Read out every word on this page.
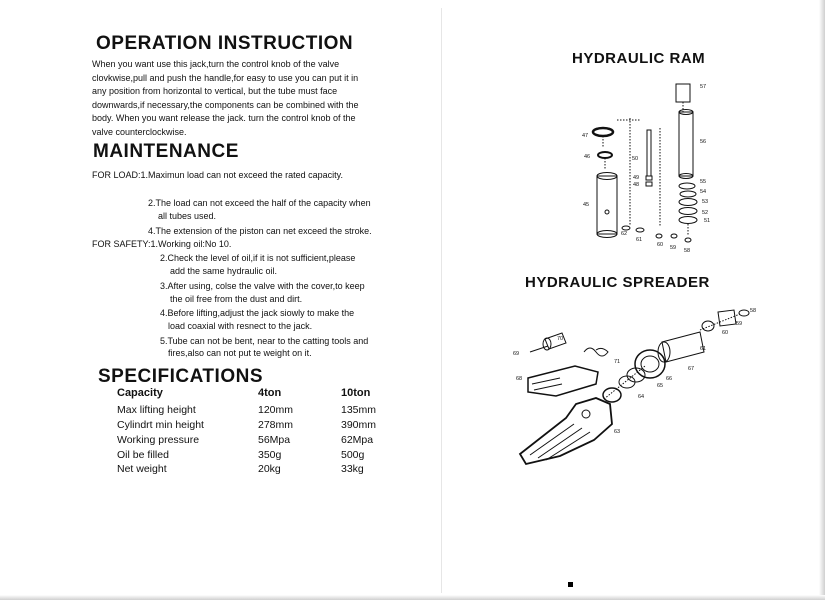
OPERATION INSTRUCTION
When you want use this jack,turn the control knob of the valve
clovkwise,pull and push the handle,for easy to use you can put it in
any position from horizontal to vertical, but the tube must face
downwards,if necessary,the components can be combined with the
body. When you want release the jack. turn the control knob of the
valve counterclockwise.
MAINTENANCE
FOR LOAD:1.Maximun load can not exceed the rated capacity.
2.The load can not exceed the half of the capacity when
all tubes used.
4.The extension of the piston can net exceed the stroke.
FOR SAFETY:1.Working oil:No 10.
2.Check the level of oil,if it is not sufficient,please
add the same hydraulic oil.
3.After using, colse the valve with the cover,to keep
the oil free from the dust and dirt.
4.Before lifting,adjust the jack siowly to make the
load coaxial with resnect to the jack.
5.Tube can not be bent, near to the catting tools and
fires,also can not put te weight on it.
SPECIFICATIONS
Capacity	4ton	10ton
Max lifting height	120mm	135mm
Cylindrt min height	278mm	390mm
Working pressure	56Mpa	62Mpa
Oil be filled	350g	500g
Net weight	20kg	33kg
HYDRAULIC RAM
HYDRAULIC SPREADER
57
56
47
46	50
49
48
45
55
54
53
52
51
62
61
60 59 58
58
59
60
70
61
69
71
67
68	66
65
64
63
